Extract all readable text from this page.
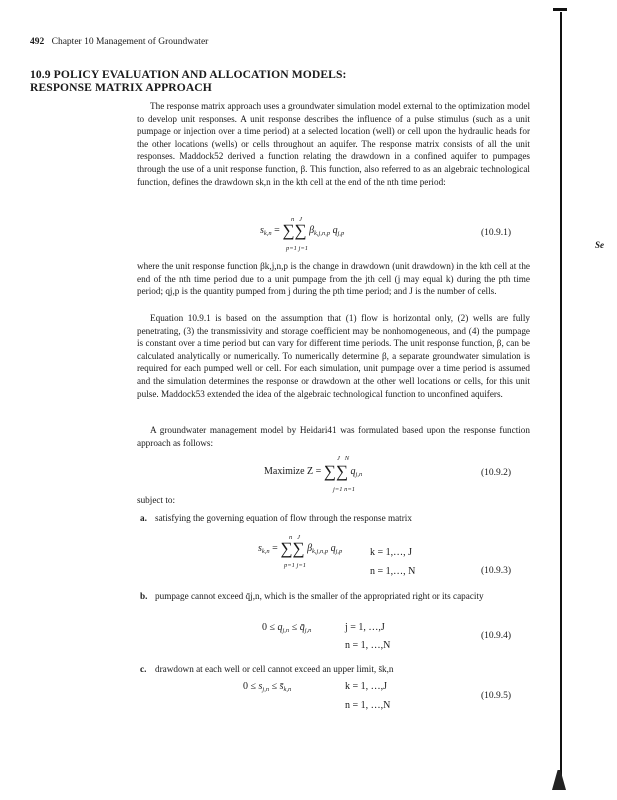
492 Chapter 10 Management of Groundwater
10.9 POLICY EVALUATION AND ALLOCATION MODELS:
RESPONSE MATRIX APPROACH

The response matrix approach uses a groundwater simulation model external to the optimization model to develop unit responses. A unit response describes the influence of a pulse stimulus (such as a unit pumpage or injection over a time period) at a selected location (well) or cell upon the hydraulic heads for the other locations (wells) or cells throughout an aquifer. The response matrix consists of all the unit responses. Maddock52 derived a function relating the drawdown in a confined aquifer to pumpages through the use of a unit response function, β. This function, also referred to as an algebraic technological function, defines the drawdown sk,n in the kth cell at the end of the nth time period:

$s_{k,n}$ = ∑∑ $\beta_{k,j,n,p}$ $q_{j,p}$
n J
p=1 j=1
(10.9.1)

where the unit response function βk,j,n,p is the change in drawdown (unit drawdown) in the kth cell at the end of the nth time period due to a unit pumpage from the jth cell (j may equal k) during the pth time period; qj,p is the quantity pumped from j during the pth time period; and J is the number of cells.

Equation 10.9.1 is based on the assumption that (1) flow is horizontal only, (2) wells are fully penetrating, (3) the transmissivity and storage coefficient may be nonhomogeneous, and (4) the pumpage is constant over a time period but can vary for different time periods. The unit response function, β, can be calculated analytically or numerically. To numerically determine β, a separate groundwater simulation is required for each pumped well or cell. For each simulation, unit pumpage over a time period is assumed and the simulation determines the response or drawdown at the other well locations or cells, for this unit pulse. Maddock53 extended the idea of the algebraic technological function to unconfined aquifers.

A groundwater management model by Heidari41 was formulated based upon the response function approach as follows:

Maximize Z = ∑∑ $q_{j,n}$
J N
j=1 n=1
(10.9.2)
subject to:
a. satisfying the governing equation of flow through the response matrix
$s_{k,n}$ = ∑∑ $\beta_{k,j,n,p}$ $q_{j,p}$
n J
p=1 j=1
k = 1,…, J
n = 1,…, N	(10.9.3)
b. pumpage cannot exceed q̄j,n, which is the smaller of the appropriated right or its capacity
$0 \le q_{j,n}$ ≤ $q̄_{j,n}$	j = 1, …,J
n = 1, …,N
(10.9.4)
c. drawdown at each well or cell cannot exceed an upper limit, s̄k,n
$0 \le s_{j,n}$ ≤ $s̄_{k,n}$	k = 1, …,J
n = 1, …,N
(10.9.5)
Se
